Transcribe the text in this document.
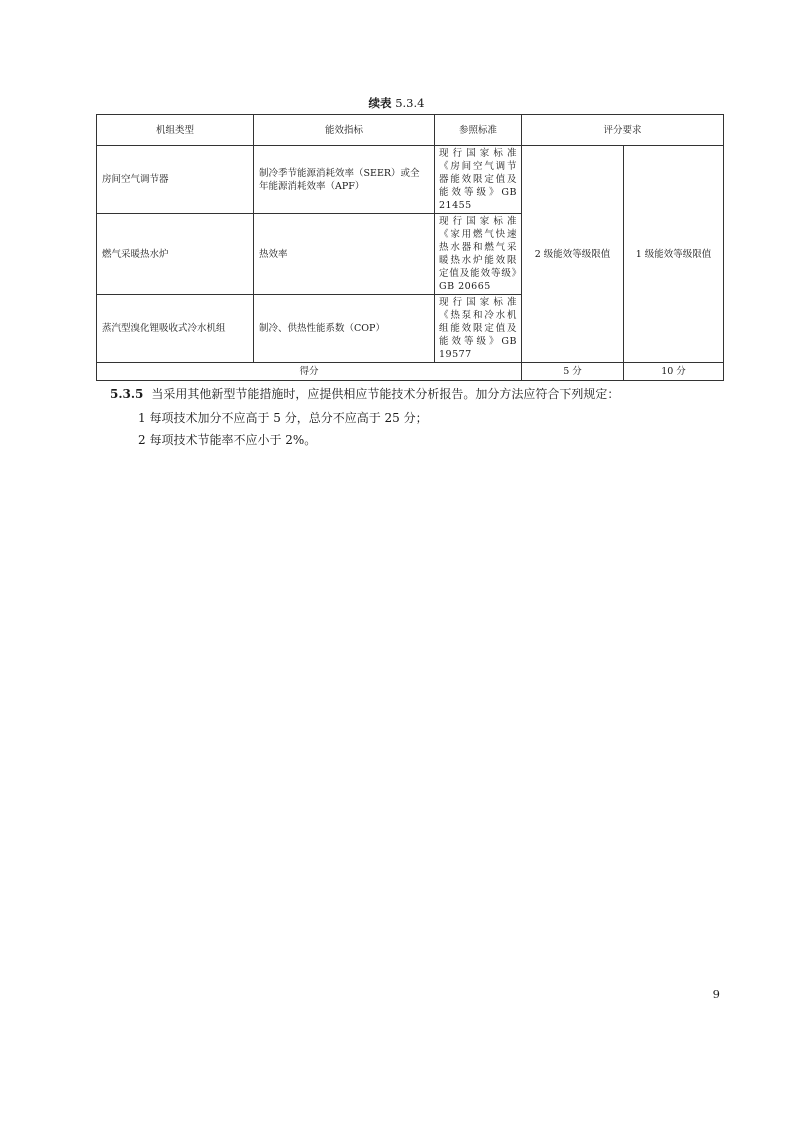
续表 5.3.4
机组类型	能效指标	参照标准	评分要求	
房间空气调节器	制冷季节能源消耗效率（SEER）或全年能源消耗效率（APF）	现行国家标准《房间空气调节器能效限定值及能效等级》GB 21455	2 级能效等级限值	1 级能效等级限值
燃气采暖热水炉	热效率	现行国家标准《家用燃气快速热水器和燃气采暖热水炉能效限定值及能效等级》GB 20665		
蒸汽型溴化锂吸收式冷水机组	制冷、供热性能系数（COP）	现行国家标准《热泵和冷水机组能效限定值及能效等级》GB 19577		
得分			5 分	10 分
5.3.5 当采用其他新型节能措施时，应提供相应节能技术分析报告。加分方法应符合下列规定：
1 每项技术加分不应高于 5 分，总分不应高于 25 分；
2 每项技术节能率不应小于 2%。
9
